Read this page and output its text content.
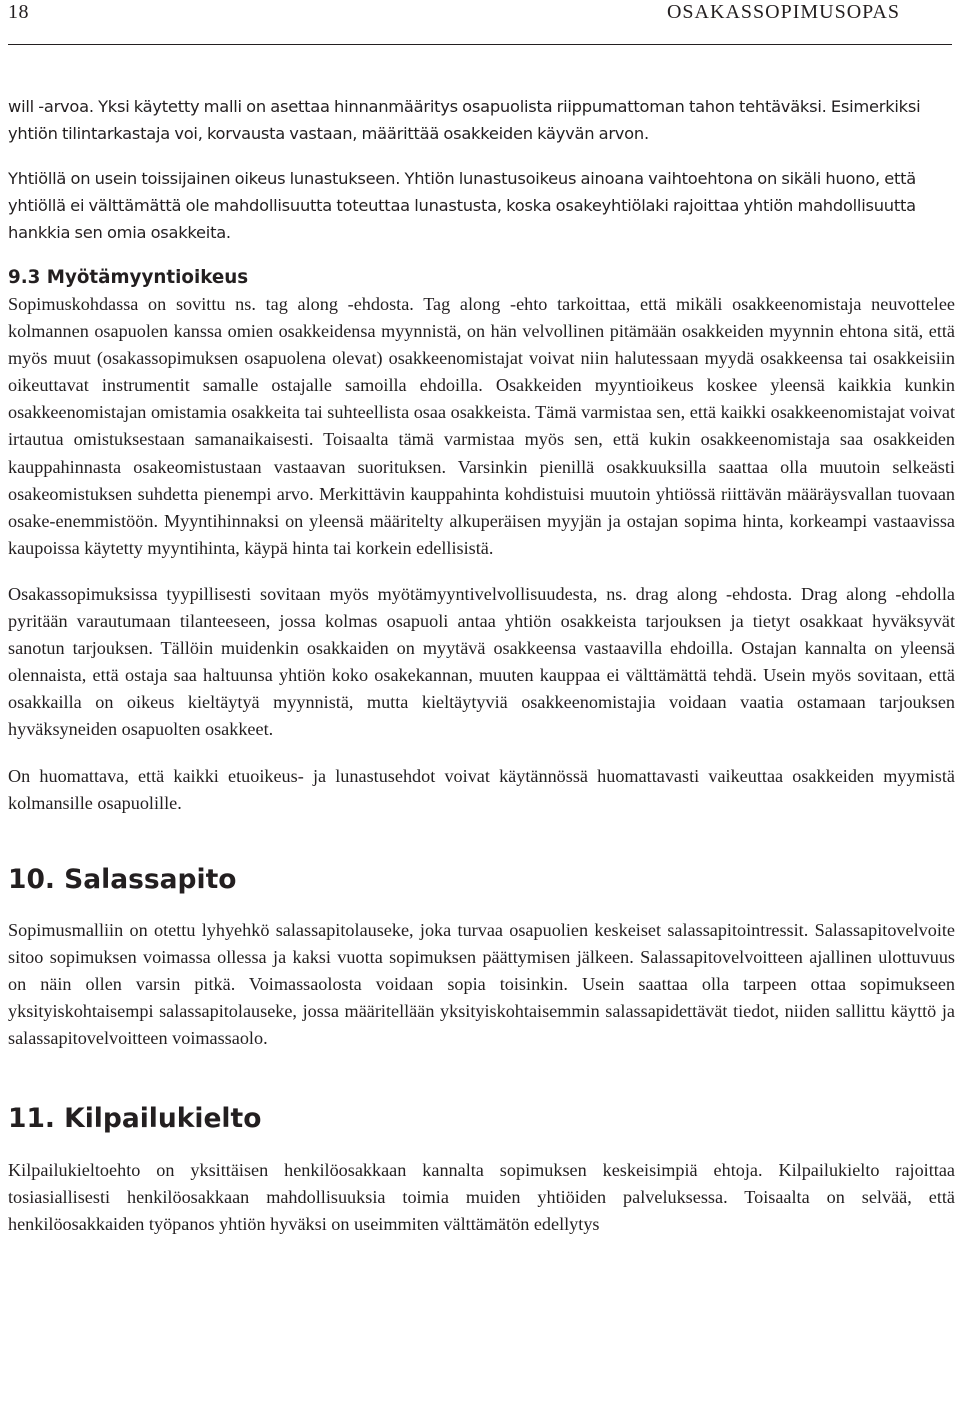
18	OSAKASSOPIMUSOPAS

will -arvoa. Yksi käytetty malli on asettaa hinnanmääritys osapuolista riippumattoman tahon tehtäväksi. Esimerkiksi yhtiön tilintarkastaja voi, korvausta vastaan, määrittää osakkeiden käyvän arvon.

Yhtiöllä on usein toissijainen oikeus lunastukseen. Yhtiön lunastusoikeus ainoana vaihtoehtona on sikäli huono, että yhtiöllä ei välttämättä ole mahdollisuutta toteuttaa lunastusta, koska osakeyhtiölaki rajoittaa yhtiön mahdollisuutta hankkia sen omia osakkeita.

9.3 Myötämyyntioikeus

Sopimuskohdassa on sovittu ns. tag along -ehdosta. Tag along -ehto tarkoittaa, että mikäli osakkeenomistaja neuvottelee kolmannen osapuolen kanssa omien osakkeidensa myynnistä, on hän velvollinen pitämään osakkeiden myynnin ehtona sitä, että myös muut (osakassopimuksen osapuolena olevat) osakkeenomistajat voivat niin halutessaan myydä osakkeensa tai osakkeisiin oikeuttavat instrumentit samalle ostajalle samoilla ehdoilla. Osakkeiden myyntioikeus koskee yleensä kaikkia kunkin osakkeenomistajan omistamia osakkeita tai suhteellista osaa osakkeista. Tämä varmistaa sen, että kaikki osakkeenomistajat voivat irtautua omistuksestaan samanaikaisesti. Toisaalta tämä varmistaa myös sen, että kukin osakkeenomistaja saa osakkeiden kauppahinnasta osakeomistustaan vastaavan suorituksen. Varsinkin pienillä osakkuuksilla saattaa olla muutoin selkeästi osakeomistuksen suhdetta pienempi arvo. Merkittävin kauppahinta kohdistuisi muutoin yhtiössä riittävän määräysvallan tuovaan osake-enemmistöön. Myyntihinnaksi on yleensä määritelty alkuperäisen myyjän ja ostajan sopima hinta, korkeampi vastaavissa kaupoissa käytetty myyntihinta, käypä hinta tai korkein edellisistä.

Osakassopimuksissa tyypillisesti sovitaan myös myötämyyntivelvollisuudesta, ns. drag along -ehdosta. Drag along -ehdolla pyritään varautumaan tilanteeseen, jossa kolmas osapuoli antaa yhtiön osakkeista tarjouksen ja tietyt osakkaat hyväksyvät sanotun tarjouksen. Tällöin muidenkin osakkaiden on myytävä osakkeensa vastaavilla ehdoilla. Ostajan kannalta on yleensä olennaista, että ostaja saa haltuunsa yhtiön koko osakekannan, muuten kauppaa ei välttämättä tehdä. Usein myös sovitaan, että osakkailla on oikeus kieltäytyä myynnistä, mutta kieltäytyviä osakkeenomistajia voidaan vaatia ostamaan tarjouksen hyväksyneiden osapuolten osakkeet.

On huomattava, että kaikki etuoikeus- ja lunastusehdot voivat käytännössä huomattavasti vaikeuttaa osakkeiden myymistä kolmansille osapuolille.

10. Salassapito

Sopimusmalliin on otettu lyhyehkö salassapitolauseke, joka turvaa osapuolien keskeiset salassapitointressit. Salassapitovelvoite sitoo sopimuksen voimassa ollessa ja kaksi vuotta sopimuksen päättymisen jälkeen. Salassapitovelvoitteen ajallinen ulottuvuus on näin ollen varsin pitkä. Voimassaolosta voidaan sopia toisinkin. Usein saattaa olla tarpeen ottaa sopimukseen yksityiskohtaisempi salassapitolauseke, jossa määritellään yksityiskohtaisemmin salassapidettävät tiedot, niiden sallittu käyttö ja salassapitovelvoitteen voimassaolo.

11. Kilpailukielto

Kilpailukieltoehto on yksittäisen henkilöosakkaan kannalta sopimuksen keskeisimpiä ehtoja. Kilpailukielto rajoittaa tosiasiallisesti henkilöosakkaan mahdollisuuksia toimia muiden yhtiöiden palveluksessa. Toisaalta on selvää, että henkilöosakkaiden työpanos yhtiön hyväksi on useimmiten välttämätön edellytys
